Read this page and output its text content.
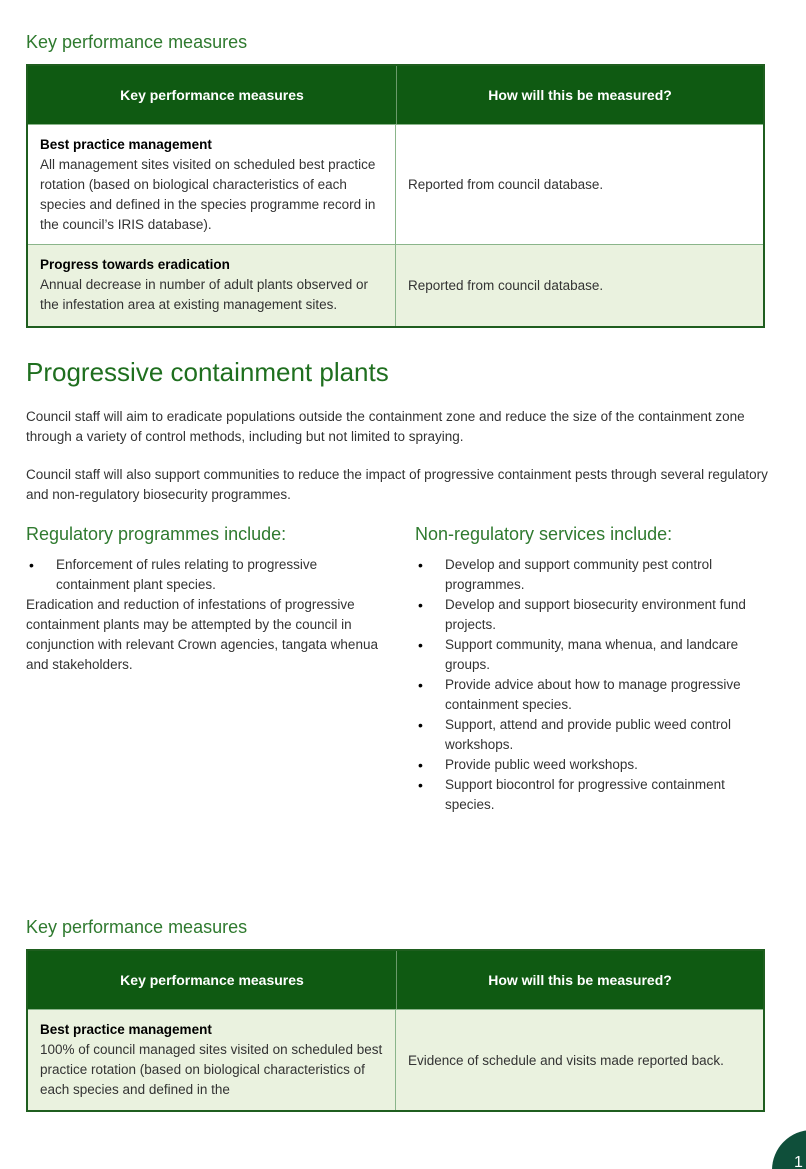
Key performance measures
Key performance measures	How will this be measured?
Best practice management
All management sites visited on scheduled best practice rotation (based on biological characteristics of each species and defined in the species programme record in the council’s IRIS database).
Reported from council database.
Progress towards eradication
Annual decrease in number of adult plants observed or the infestation area at existing management sites.
Reported from council database.
Progressive containment plants

Council staff will aim to eradicate populations outside the containment zone and reduce the size of the containment zone through a variety of control methods, including but not limited to spraying.

Council staff will also support communities to reduce the impact of progressive containment pests through several regulatory and non-regulatory biosecurity programmes.

Regulatory programmes include:
• Enforcement of rules relating to progressive containment plant species.

Eradication and reduction of infestations of progressive containment plants may be attempted by the council in conjunction with relevant Crown agencies, tangata whenua and stakeholders.

Non-regulatory services include:
• Develop and support community pest control programmes.
• Develop and support biosecurity environment fund projects.
• Support community, mana whenua, and landcare groups.
• Provide advice about how to manage progressive containment species.
• Support, attend and provide public weed control workshops.
• Provide public weed workshops.
• Support biocontrol for progressive containment species.
Key performance measures
Key performance measures	How will this be measured?
Best practice management
100% of council managed sites visited on scheduled best practice rotation (based on biological characteristics of each species and defined in the
Evidence of schedule and visits made reported back.
1
